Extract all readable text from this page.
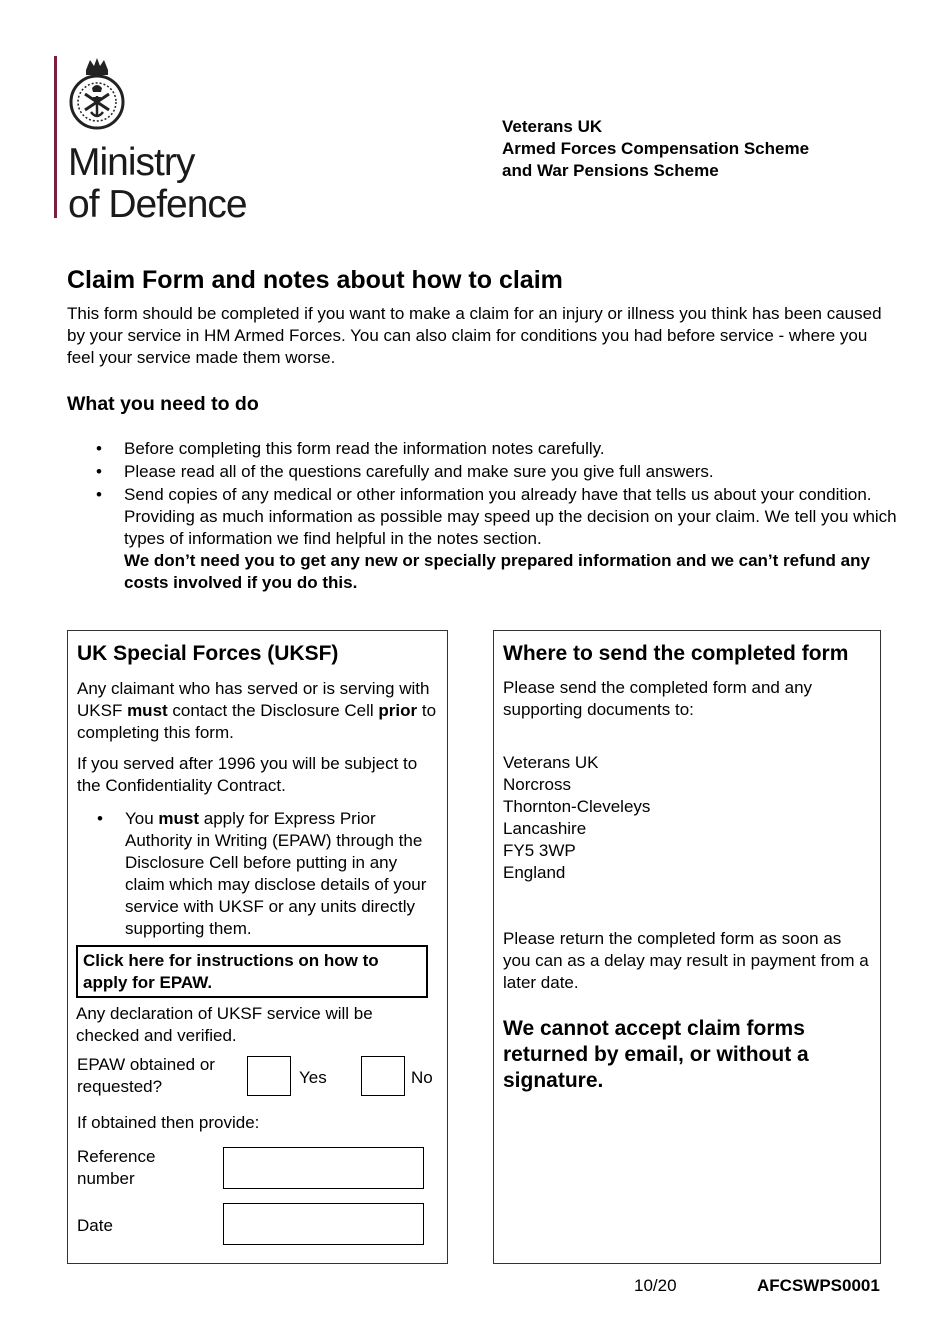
Ministry
of Defence
Veterans UK
Armed Forces Compensation Scheme
and War Pensions Scheme
Claim Form and notes about how to claim

This form should be completed if you want to make a claim for an injury or illness you think has been caused by your service in HM Armed Forces. You can also claim for conditions you had before service - where you feel your service made them worse.

What you need to do
• Before completing this form read the information notes carefully.
• Please read all of the questions carefully and make sure you give full answers.
• Send copies of any medical or other information you already have that tells us about your condition. Providing as much information as possible may speed up the decision on your claim. We tell you which types of information we find helpful in the notes section.
We don’t need you to get any new or specially prepared information and we can’t refund any costs involved if you do this.
UK Special Forces (UKSF)

Any claimant who has served or is serving with UKSF must contact the Disclosure Cell prior to completing this form.

If you served after 1996 you will be subject to the Confidentiality Contract.

•	You must apply for Express Prior Authority in Writing (EPAW) through the Disclosure Cell before putting in any claim which may disclose details of your service with UKSF or any units directly supporting them.
Click here for instructions on how to apply for EPAW.

Any declaration of UKSF service will be checked and verified.

EPAW obtained or requested?	Yes	No

If obtained then provide:

Reference number

Date

Where to send the completed form

Please send the completed form and any supporting documents to:

Veterans UK
Norcross
Thornton-Cleveleys
Lancashire
FY5 3WP
England

Please return the completed form as soon as you can as a delay may result in payment from a later date.

We cannot accept claim forms returned by email, or without a signature.

10/20	AFCSWPS0001
